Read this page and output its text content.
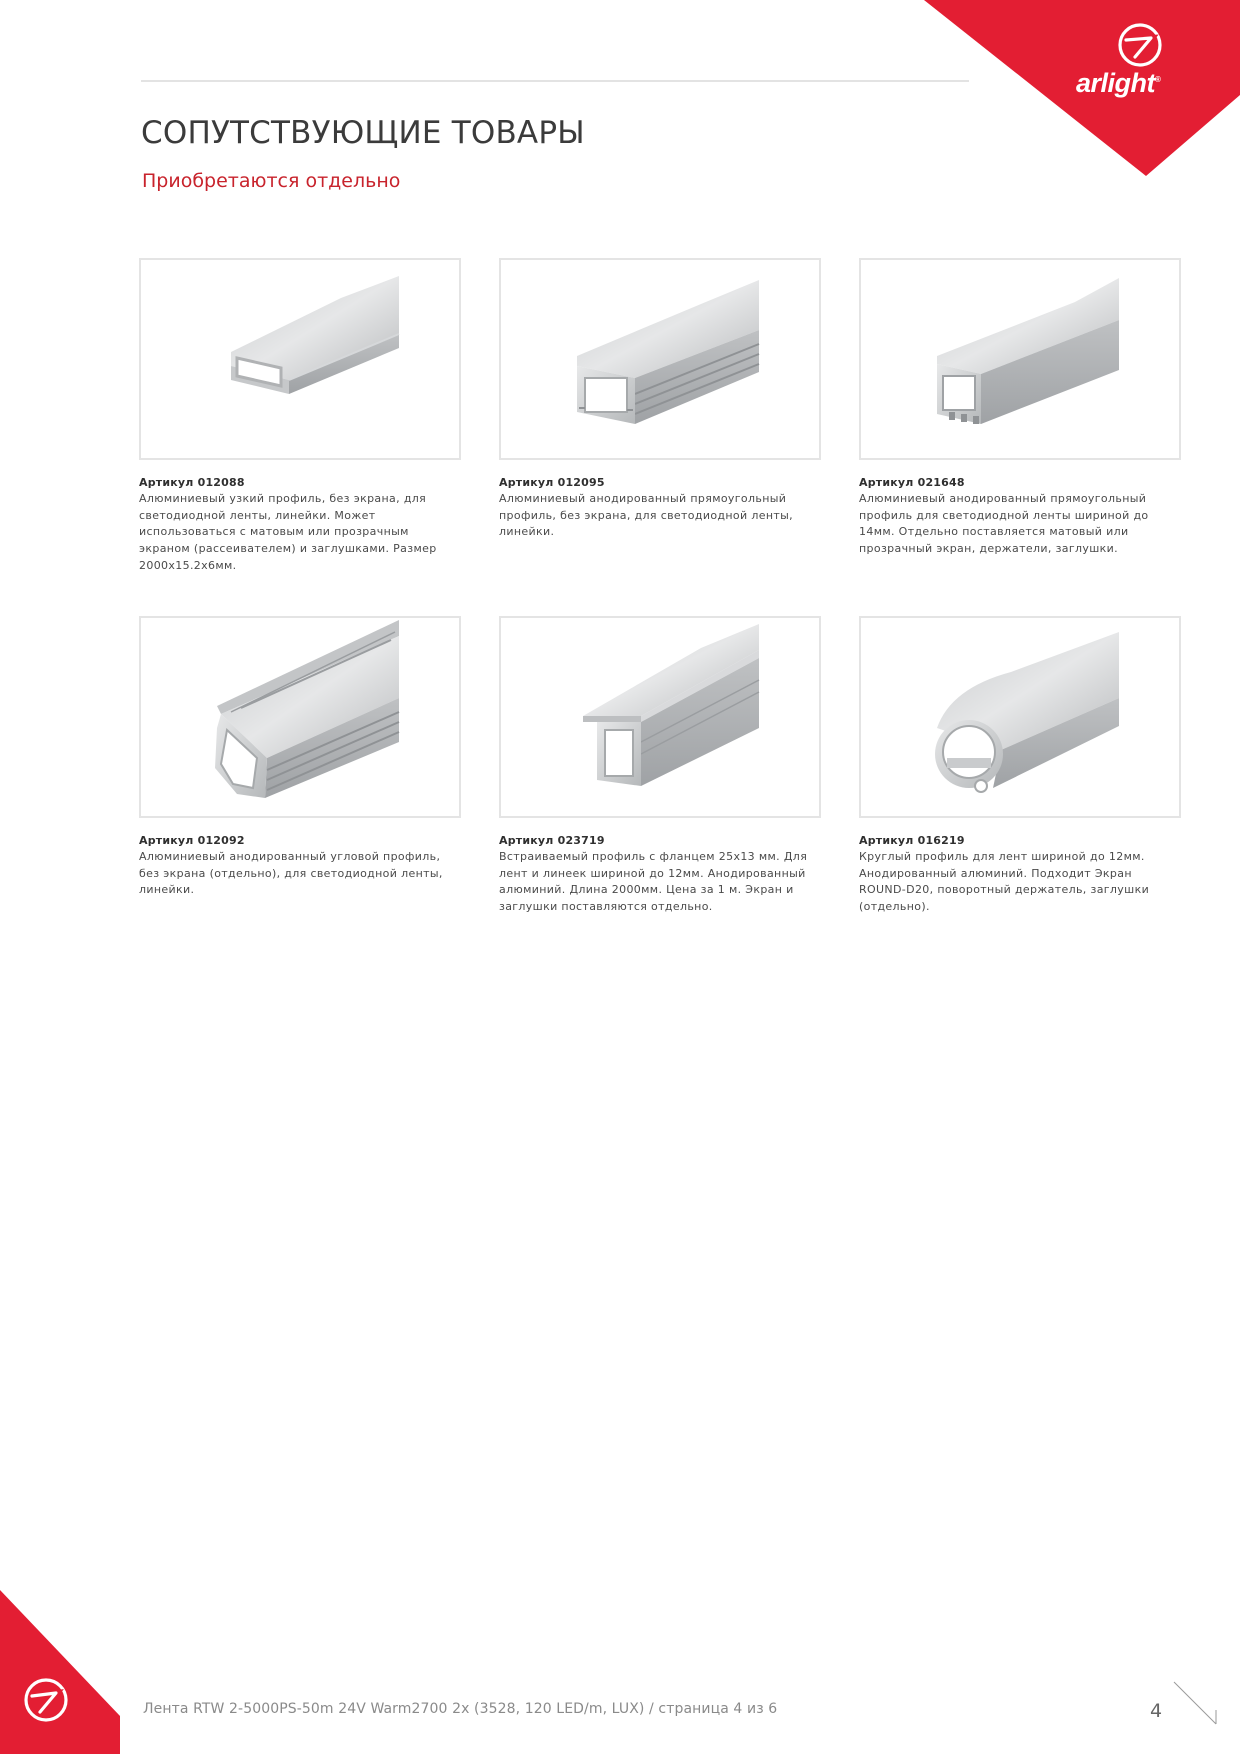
arlight®
СОПУТСТВУЮЩИЕ ТОВАРЫ
Приобретаются отдельно
Артикул 012088
Алюминиевый узкий профиль, без экрана, для светодиодной ленты, линейки. Может использоваться с матовым или прозрачным экраном (рассеивателем) и заглушками. Размер 2000х15.2х6мм.
Артикул 012095
Алюминиевый анодированный прямоугольный профиль, без экрана, для светодиодной ленты, линейки.
Артикул 021648
Алюминиевый анодированный прямоугольный профиль для светодиодной ленты шириной до 14мм. Отдельно поставляется матовый или прозрачный экран, держатели, заглушки.
Артикул 012092
Алюминиевый анодированный угловой профиль, без экрана (отдельно), для светодиодной ленты, линейки.
Артикул 023719
Встраиваемый профиль с фланцем 25х13 мм. Для лент и линеек шириной до 12мм. Анодированный алюминий. Длина 2000мм. Цена за 1 м. Экран и заглушки поставляются отдельно.
Артикул 016219
Круглый профиль для лент шириной до 12мм. Анодированный алюминий. Подходит Экран ROUND-D20, поворотный держатель, заглушки (отдельно).
Лента RTW 2-5000PS-50m 24V Warm2700 2x (3528, 120 LED/m, LUX) / страница 4 из 6	4
